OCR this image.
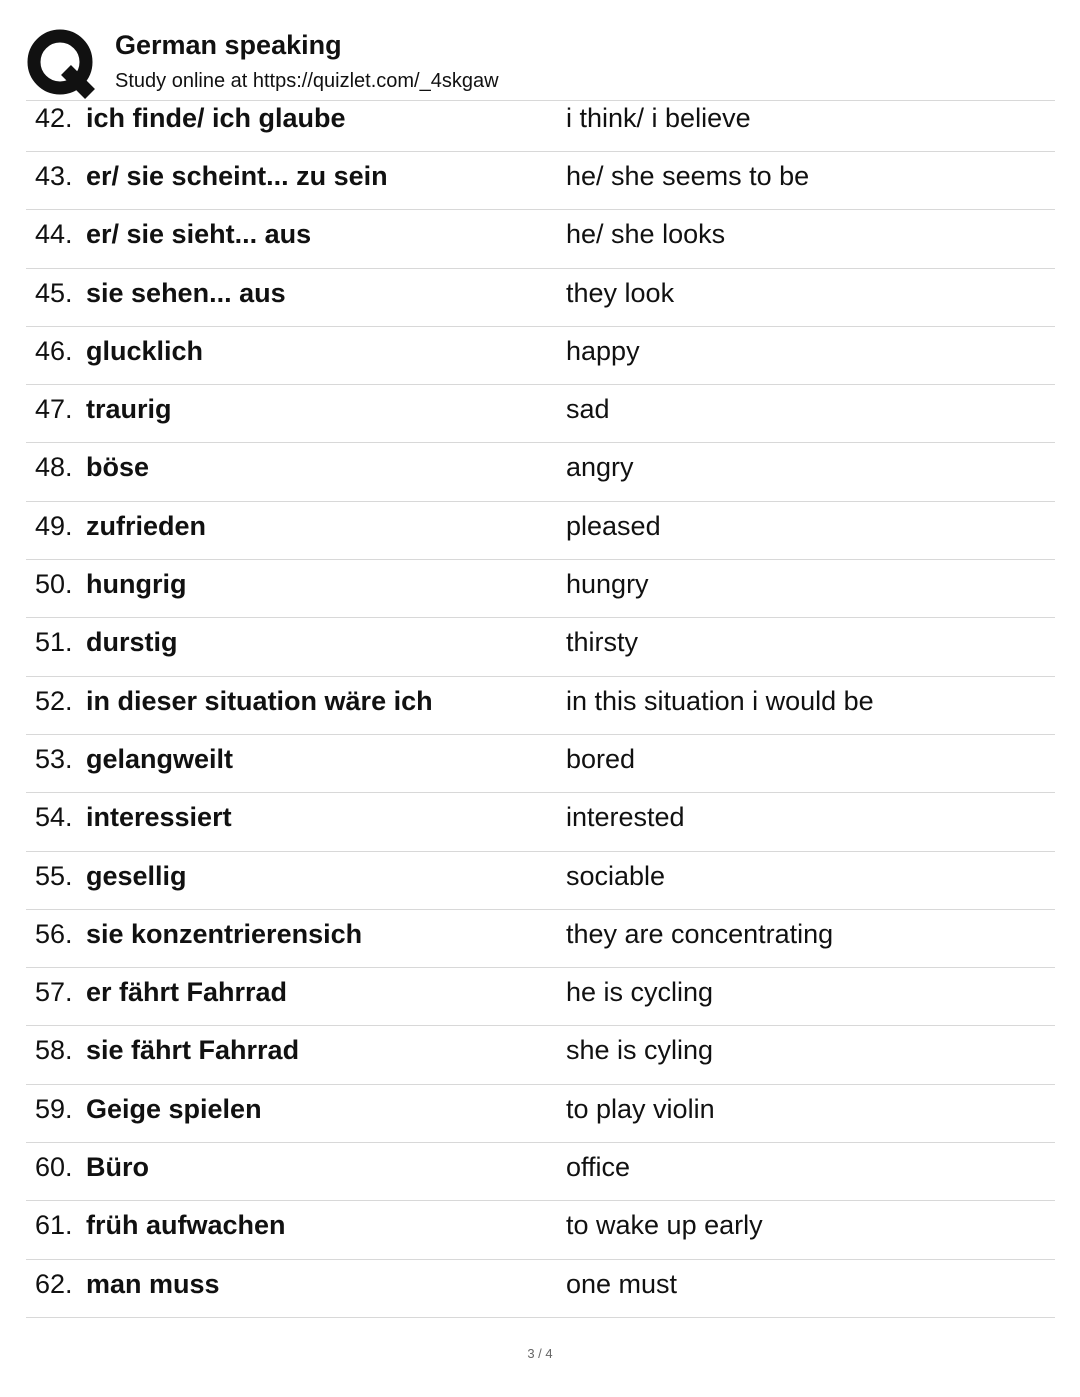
German speaking
Study online at https://quizlet.com/_4skgaw
42. ich finde/ ich glaube	i think/ i believe
43. er/ sie scheint... zu sein	he/ she seems to be
44. er/ sie sieht... aus	he/ she looks
45. sie sehen... aus	they look
46. glucklich	happy
47. traurig	sad
48. böse	angry
49. zufrieden	pleased
50. hungrig	hungry
51. durstig	thirsty
52. in dieser situation wäre ich	in this situation i would be
53. gelangweilt	bored
54. interessiert	interested
55. gesellig	sociable
56. sie konzentrierensich	they are concentrating
57. er fährt Fahrrad	he is cycling
58. sie fährt Fahrrad	she is cyling
59. Geige spielen	to play violin
60. Büro	office
61. früh aufwachen	to wake up early
62. man muss	one must
3 / 4
